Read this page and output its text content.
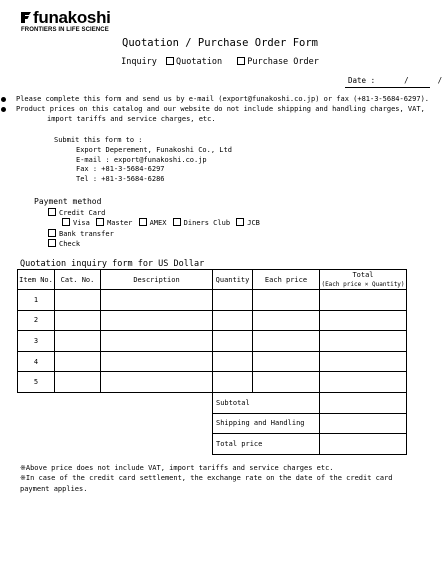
funakoshi
FRONTIERS IN LIFE SCIENCE
Quotation / Purchase Order Form
Inquiry Quotation	Purchase Order
Date :	/	/
Please complete this form and send us by e-mail (export@funakoshi.co.jp) or fax (+81-3-5684-6297).
Product prices on this catalog and our website do not include shipping and handling charges, VAT,
import tariffs and service charges, etc.
Submit this form to :
Export Deperement, Funakoshi Co., Ltd
E-mail : export@funakoshi.co.jp
Fax : +81-3-5684-6297
Tel : +81-3-5684-6286
Payment method
Credit Card
Visa Master AMEX Diners Club JCB
Bank transfer
Check
Quotation inquiry form for US Dollar
Item No.	Cat. No.	Description	Quantity	Each price	Total
(Each price × Quantity)

1					
2					
3					
4					
5					
			Subtotal		
			Shipping and Handling		
			Total price		
※Above price does not include VAT, import tariffs and service charges etc.
※In case of the credit card settlement, the exchange rate on the date of the credit card payment applies.
